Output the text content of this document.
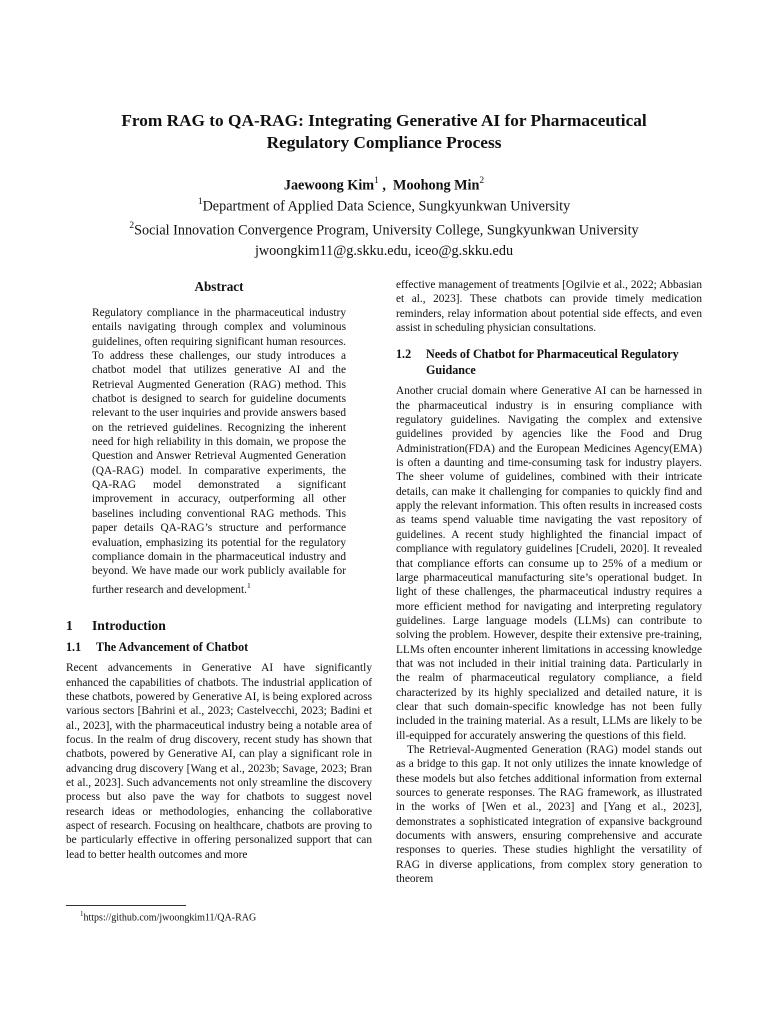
From RAG to QA-RAG: Integrating Generative AI for Pharmaceutical
Regulatory Compliance Process
Jaewoong Kim$^1$ ,  Moohong Min$^2$
$^1$Department of Applied Data Science, Sungkyunkwan University
$^2$Social Innovation Convergence Program, University College, Sungkyunkwan University
jwoongkim11@g.skku.edu, iceo@g.skku.edu
Abstract

Regulatory compliance in the pharmaceutical industry entails navigating through complex and voluminous guidelines, often requiring significant human resources. To address these challenges, our study introduces a chatbot model that utilizes generative AI and the Retrieval Augmented Generation (RAG) method. This chatbot is designed to search for guideline documents relevant to the user inquiries and provide answers based on the retrieved guidelines. Recognizing the inherent need for high reliability in this domain, we propose the Question and Answer Retrieval Augmented Generation (QA-RAG) model. In comparative experiments, the QA-RAG model demonstrated a significant improvement in accuracy, outperforming all other baselines including conventional RAG methods. This paper details QA-RAG’s structure and performance evaluation, emphasizing its potential for the regulatory compliance domain in the pharmaceutical industry and beyond. We have made our work publicly available for further research and development.$^1$

1 Introduction
1.1	The Advancement of Chatbot

Recent advancements in Generative AI have significantly enhanced the capabilities of chatbots. The industrial application of these chatbots, powered by Generative AI, is being explored across various sectors [Bahrini et al., 2023; Castelvecchi, 2023; Badini et al., 2023], with the pharmaceutical industry being a notable area of focus. In the realm of drug discovery, recent study has shown that chatbots, powered by Generative AI, can play a significant role in advancing drug discovery [Wang et al., 2023b; Savage, 2023; Bran et al., 2023]. Such advancements not only streamline the discovery process but also pave the way for chatbots to suggest novel research ideas or methodologies, enhancing the collaborative aspect of research. Focusing on healthcare, chatbots are proving to be particularly effective in offering personalized support that can lead to better health outcomes and more

effective management of treatments [Ogilvie et al., 2022; Abbasian et al., 2023]. These chatbots can provide timely medication reminders, relay information about potential side effects, and even assist in scheduling physician consultations.

1.2	Needs of Chatbot for Pharmaceutical Regulatory Guidance

Another crucial domain where Generative AI can be harnessed in the pharmaceutical industry is in ensuring compliance with regulatory guidelines. Navigating the complex and extensive guidelines provided by agencies like the Food and Drug Administration(FDA) and the European Medicines Agency(EMA) is often a daunting and time-consuming task for industry players. The sheer volume of guidelines, combined with their intricate details, can make it challenging for companies to quickly find and apply the relevant information. This often results in increased costs as teams spend valuable time navigating the vast repository of guidelines. A recent study highlighted the financial impact of compliance with regulatory guidelines [Crudeli, 2020]. It revealed that compliance efforts can consume up to 25% of a medium or large pharmaceutical manufacturing site’s operational budget. In light of these challenges, the pharmaceutical industry requires a more efficient method for navigating and interpreting regulatory guidelines. Large language models (LLMs) can contribute to solving the problem. However, despite their extensive pre-training, LLMs often encounter inherent limitations in accessing knowledge that was not included in their initial training data. Particularly in the realm of pharmaceutical regulatory compliance, a field characterized by its highly specialized and detailed nature, it is clear that such domain-specific knowledge has not been fully included in the training material. As a result, LLMs are likely to be ill-equipped for accurately answering the questions of this field.

The Retrieval-Augmented Generation (RAG) model stands out as a bridge to this gap. It not only utilizes the innate knowledge of these models but also fetches additional information from external sources to generate responses. The RAG framework, as illustrated in the works of [Wen et al., 2023] and [Yang et al., 2023], demonstrates a sophisticated integration of expansive background documents with answers, ensuring comprehensive and accurate responses to queries. These studies highlight the versatility of RAG in diverse applications, from complex story generation to theorem

$^1$https://github.com/jwoongkim11/QA-RAG
